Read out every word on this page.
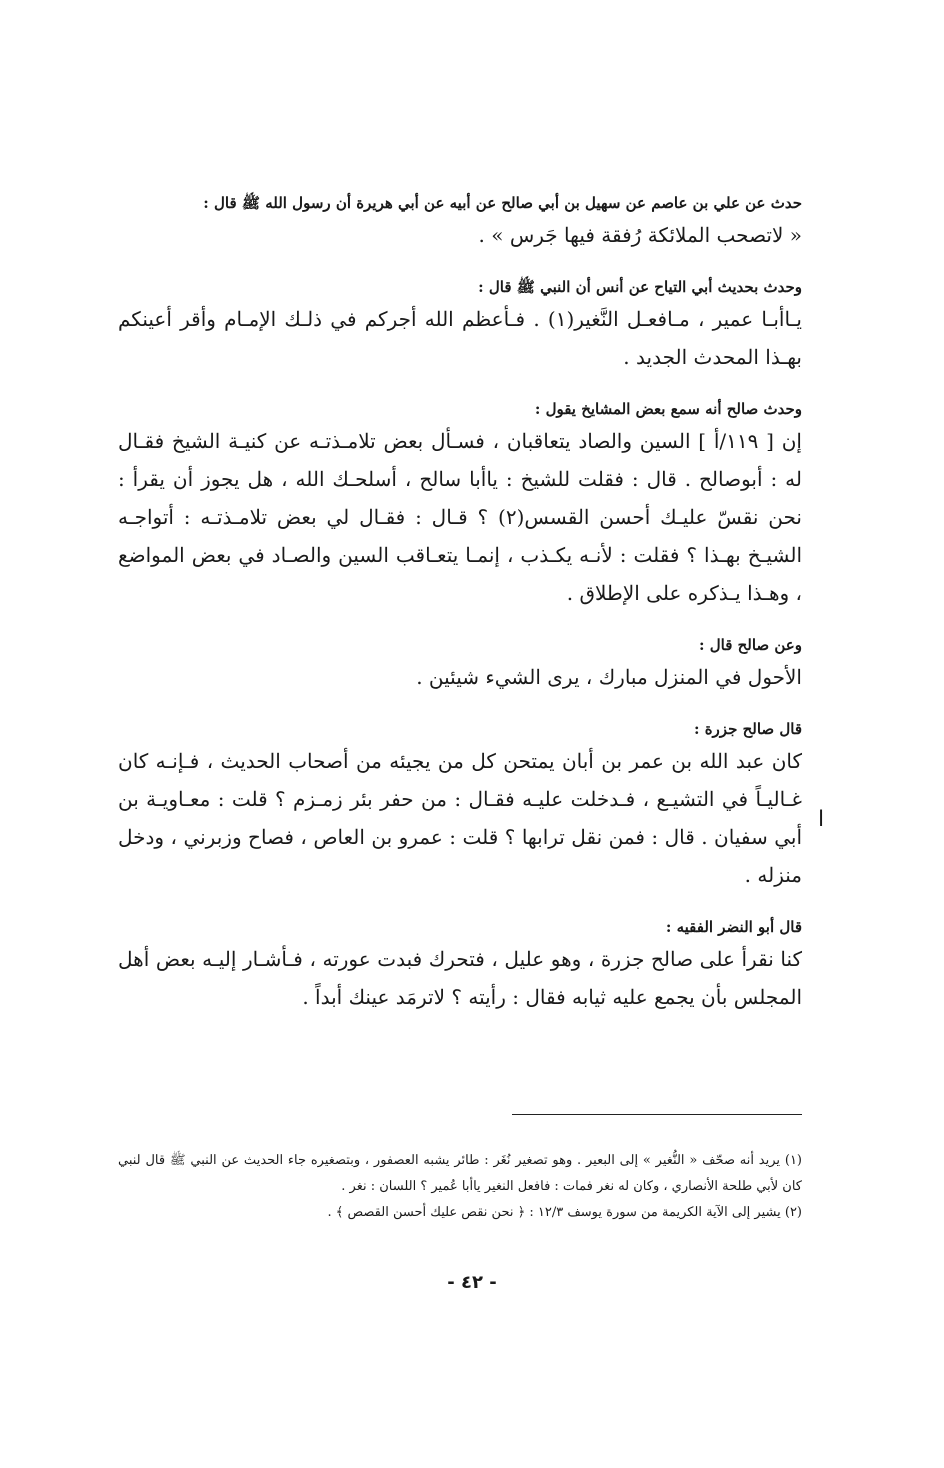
حدث عن علي بن عاصم عن سهيل بن أبي صالح عن أبيه عن أبي هريرة أن رسول الله ﷺ قال :

« لاتصحب الملائكة رُفقة فيها جَرس » .

وحدث بحديث أبي التياح عن أنس أن النبي ﷺ قال :

يـاأبـا عمير ، مـافعـل النَّغير(١) . فـأعظم الله أجركم في ذلـك الإمـام وأقر أعينكم بهـذا المحدث الجديد .

وحدث صالح أنه سمع بعض المشايخ يقول :

إن [ ١١٩/أ ] السين والصاد يتعاقبان ، فسـأل بعض تلامـذتـه عن كنيـة الشيخ فقـال له : أبوصالح . قال : فقلت للشيخ : ياأبا سالح ، أسلحـك الله ، هل يجوز أن يقرأ : نحن نقسّ عليـك أحسن القسس(٢) ؟ قـال : فقـال لي بعض تلامـذتـه : أتواجـه الشيـخ بهـذا ؟ فقلت : لأنـه يكـذب ، إنمـا يتعـاقب السين والصـاد في بعض المواضع ، وهـذا يـذكره على الإطلاق .

وعن صالح قال :

الأحول في المنزل مبارك ، يرى الشيء شيئين .

قال صالح جزرة :

كان عبد الله بن عمر بن أبان يمتحن كل من يجيئه من أصحاب الحديث ، فـإنـه كان غـاليـاً في التشيـع ، فـدخلت عليـه فقـال : من حفر بئر زمـزم ؟ قلت : معـاويـة بن أبي سفيان . قال : فمن نقل ترابها ؟ قلت : عمرو بن العاص ، فصاح وزبرني ، ودخل منزله .

قال أبو النضر الفقيه :

كنا نقرأ على صالح جزرة ، وهو عليل ، فتحرك فبدت عورته ، فـأشـار إليـه بعض أهل المجلس بأن يجمع عليه ثيابه فقال : رأيته ؟ لاترمَد عينك أبداً .

ا

(١) يريد أنه صحّف « النُّغير » إلى البعير . وهو تصغير نُغَر : طائر يشبه العصفور ، وبتصغيره جاء الحديث عن النبي ﷺ قال لنبي كان لأبي طلحة الأنصاري ، وكان له نغر فمات : فافعل النغير ياأبا عُمير ؟ اللسان : نغر .

(٢) يشير إلى الآية الكريمة من سورة يوسف ١٢/٣ : ﴿ نحن نقص عليك أحسن القصص ﴾ .

- ٤٢ -
